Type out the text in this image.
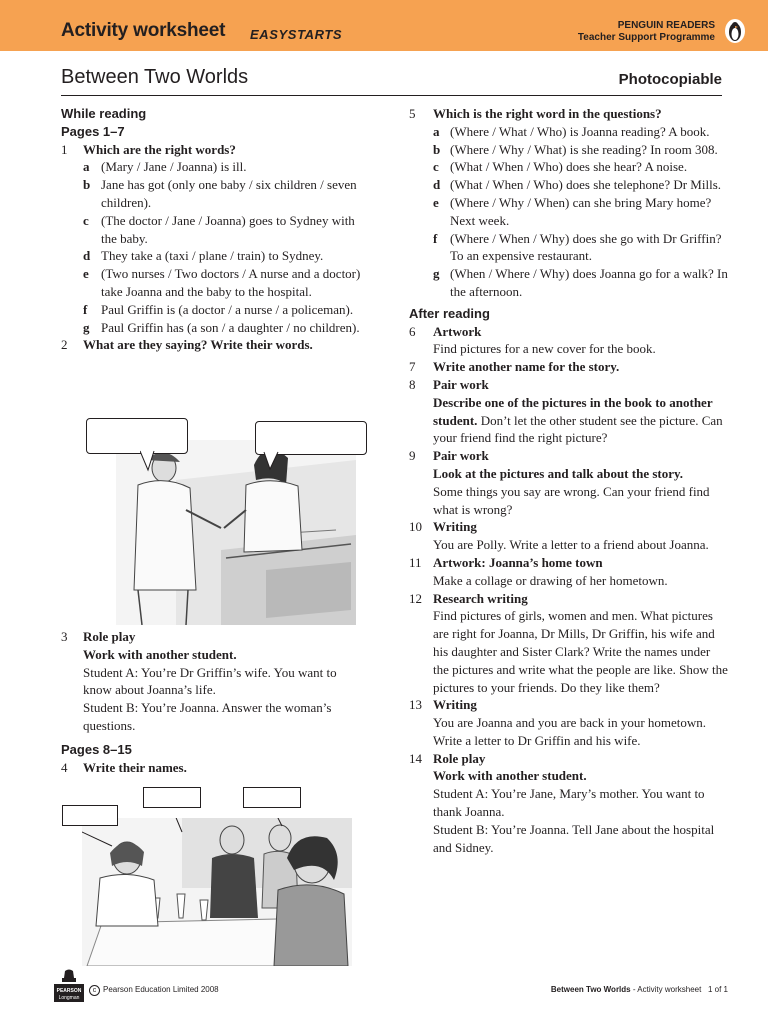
Activity worksheet EASYSTARTS
PENGUIN READERS
Teacher Support Programme
Between Two Worlds	Photocopiable
While reading
Pages 1–7
1 Which are the right words?
a (Mary / Jane / Joanna) is ill.
b Jane has got (only one baby / six children / seven children).
c (The doctor / Jane / Joanna) goes to Sydney with the baby.
d They take a (taxi / plane / train) to Sydney.
e (Two nurses / Two doctors / A nurse and a doctor) take Joanna and the baby to the hospital.
f Paul Griffin is (a doctor / a nurse / a policeman).
g Paul Griffin has (a son / a daughter / no children).
2 What are they saying? Write their words.
3 Role play
Work with another student.
Student A: You’re Dr Griffin’s wife. You want to know about Joanna’s life.
Student B: You’re Joanna. Answer the woman’s questions.
Pages 8–15
4 Write their names.
5 Which is the right word in the questions?
a (Where / What / Who) is Joanna reading? A book.
b (Where / Why / What) is she reading? In room 308.
c (What / When / Who) does she hear? A noise.
d (What / When / Who) does she telephone? Dr Mills.
e (Where / Why / When) can she bring Mary home? Next week.
f (Where / When / Why) does she go with Dr Griffin? To an expensive restaurant.
g (When / Where / Why) does Joanna go for a walk? In the afternoon.
After reading
6 Artwork
Find pictures for a new cover for the book.
7 Write another name for the story.
8 Pair work
Describe one of the pictures in the book to another student. Don’t let the other student see the picture. Can your friend find the right picture?
9 Pair work
Look at the pictures and talk about the story.
Some things you say are wrong. Can your friend find what is wrong?
10 Writing
You are Polly. Write a letter to a friend about Joanna.
11 Artwork: Joanna’s home town
Make a collage or drawing of her hometown.
12 Research writing
Find pictures of girls, women and men. What pictures are right for Joanna, Dr Mills, Dr Griffin, his wife and his daughter and Sister Clark? Write the names under the pictures and write what the people are like. Show the pictures to your friends. Do they like them?
13 Writing
You are Joanna and you are back in your hometown. Write a letter to Dr Griffin and his wife.
14 Role play
Work with another student.
Student A: You’re Jane, Mary’s mother. You want to thank Joanna.
Student B: You’re Joanna. Tell Jane about the hospital and Sidney.
PEARSON
Longman
c Pearson Education Limited 2008	Between Two Worlds - Activity worksheet 1 of 1
